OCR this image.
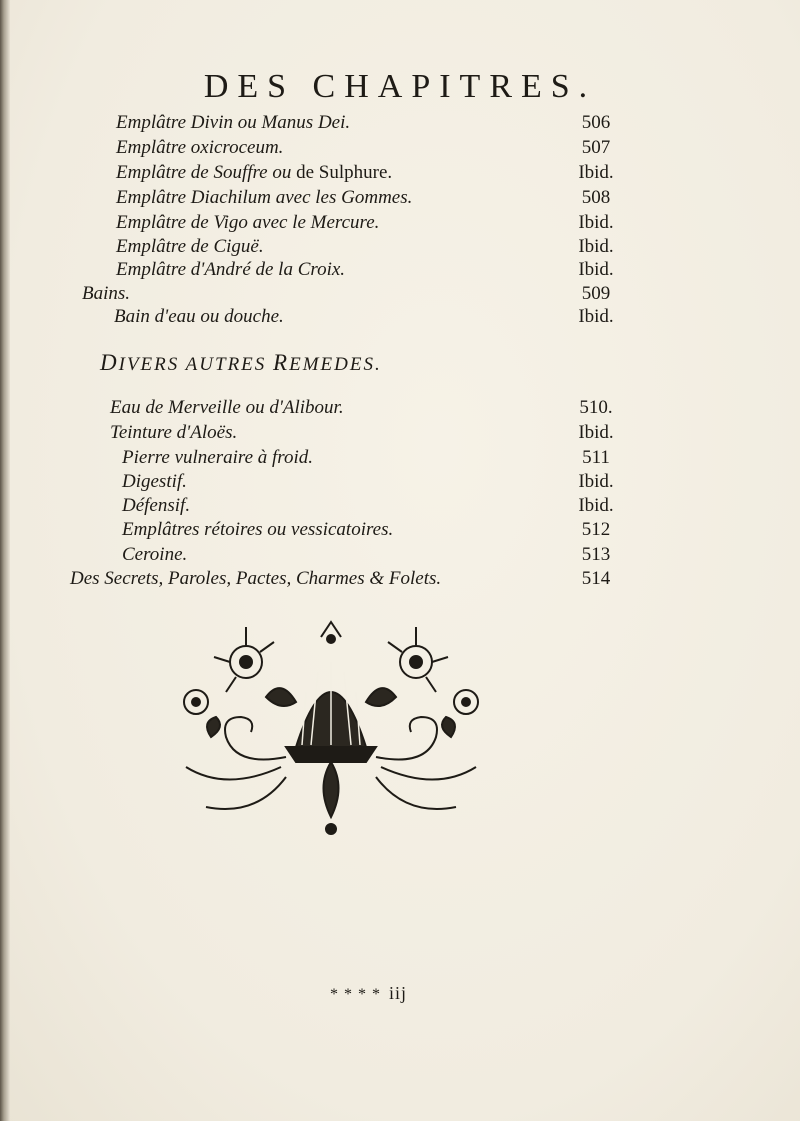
DES CHAPITRES.
Emplâtre Divin ou Manus Dei.	506
Emplâtre oxicroceum.	507
Emplâtre de Souffre ou de Sulphure.	Ibid.
Emplâtre Diachilum avec les Gommes.	508
Emplâtre de Vigo avec le Mercure.	Ibid.
Emplâtre de Ciguë.	Ibid.
Emplâtre d'André de la Croix.	Ibid.
Bains.	509
Bain d'eau ou douche.	Ibid.
DIVERS AUTRES REMEDES.
Eau de Merveille ou d'Alibour.	510.
Teinture d'Aloës.	Ibid.
Pierre vulneraire à froid.	511
Digestif.	Ibid.
Défensif.	Ibid.
Emplâtres rétoires ou vessicatoires.	512
Ceroine.	513
Des Secrets, Paroles, Pactes, Charmes & Folets.	514
* * * * iij
